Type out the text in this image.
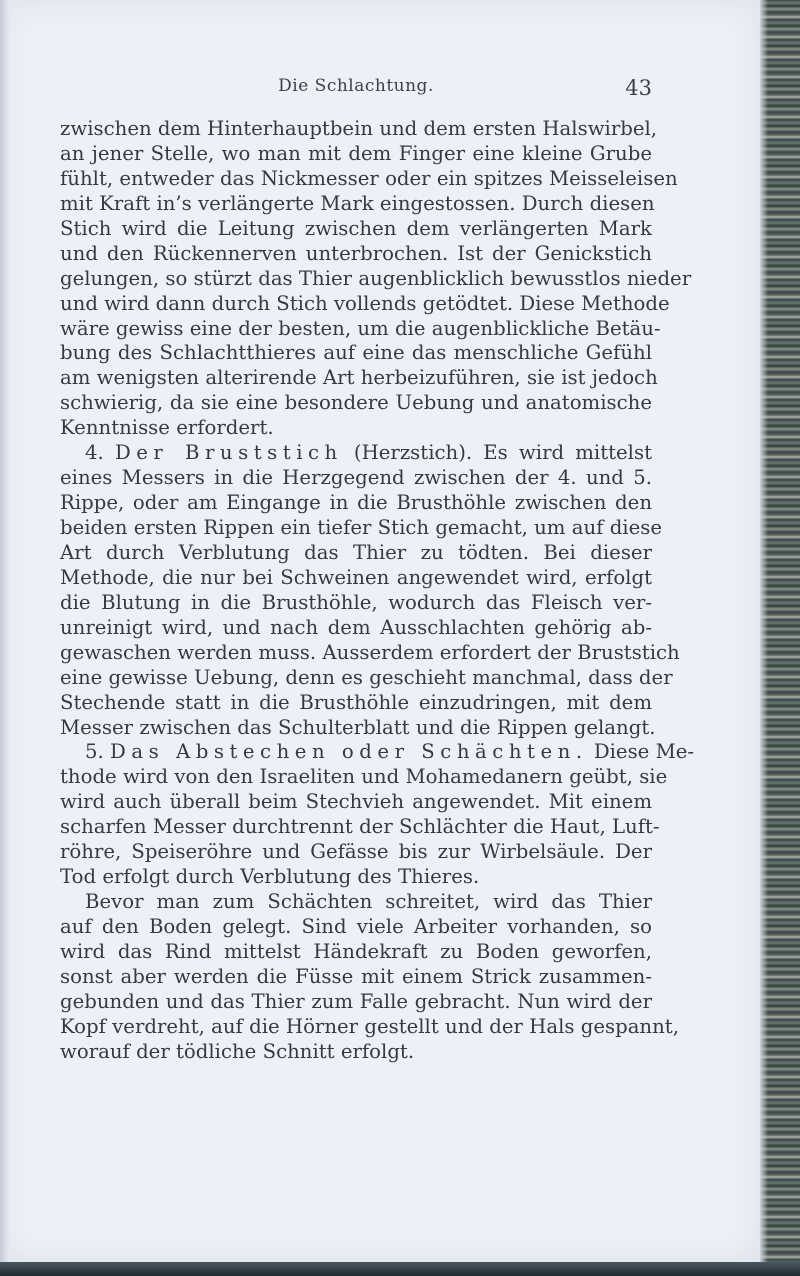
Die Schlachtung.	43
zwischen dem Hinterhauptbein und dem ersten Halswirbel,
an jener Stelle, wo man mit dem Finger eine kleine Grube
fühlt, entweder das Nickmesser oder ein spitzes Meisseleisen
mit Kraft in’s verlängerte Mark eingestossen. Durch diesen
Stich wird die Leitung zwischen dem verlängerten Mark
und den Rückennerven unterbrochen. Ist der Genickstich
gelungen, so stürzt das Thier augenblicklich bewusstlos nieder
und wird dann durch Stich vollends getödtet. Diese Methode
wäre gewiss eine der besten, um die augenblickliche Betäu-
bung des Schlachtthieres auf eine das menschliche Gefühl
am wenigsten alterirende Art herbeizuführen, sie ist jedoch
schwierig, da sie eine besondere Uebung und anatomische
Kenntnisse erfordert.
4. Der Bruststich (Herzstich). Es wird mittelst
eines Messers in die Herzgegend zwischen der 4. und 5.
Rippe, oder am Eingange in die Brusthöhle zwischen den
beiden ersten Rippen ein tiefer Stich gemacht, um auf diese
Art durch Verblutung das Thier zu tödten. Bei dieser
Methode, die nur bei Schweinen angewendet wird, erfolgt
die Blutung in die Brusthöhle, wodurch das Fleisch ver-
unreinigt wird, und nach dem Ausschlachten gehörig ab-
gewaschen werden muss. Ausserdem erfordert der Bruststich
eine gewisse Uebung, denn es geschieht manchmal, dass der
Stechende statt in die Brusthöhle einzudringen, mit dem
Messer zwischen das Schulterblatt und die Rippen gelangt.
5. Das Abstechen oder Schächten. Diese Me-
thode wird von den Israeliten und Mohamedanern geübt, sie
wird auch überall beim Stechvieh angewendet. Mit einem
scharfen Messer durchtrennt der Schlächter die Haut, Luft-
röhre, Speiseröhre und Gefässe bis zur Wirbelsäule. Der
Tod erfolgt durch Verblutung des Thieres.
Bevor man zum Schächten schreitet, wird das Thier
auf den Boden gelegt. Sind viele Arbeiter vorhanden, so
wird das Rind mittelst Händekraft zu Boden geworfen,
sonst aber werden die Füsse mit einem Strick zusammen-
gebunden und das Thier zum Falle gebracht. Nun wird der
Kopf verdreht, auf die Hörner gestellt und der Hals gespannt,
worauf der tödliche Schnitt erfolgt.
